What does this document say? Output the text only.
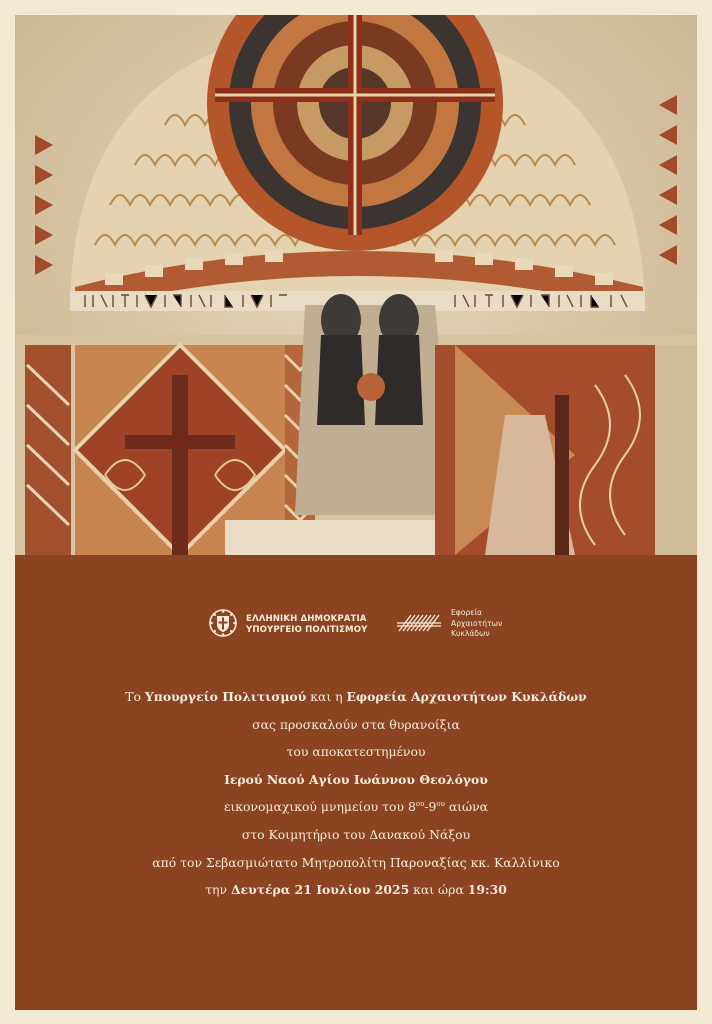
ΕΛΛΗΝΙΚΗ ΔΗΜΟΚΡΑΤΙΑ
ΥΠΟΥΡΓΕΙΟ ΠΟΛΙΤΙΣΜΟΥ
Εφορεία
Αρχαιοτήτων
Κυκλάδων
Το Υπουργείο Πολιτισμού και η Εφορεία Αρχαιοτήτων Κυκλάδων
σας προσκαλούν στα θυρανοίξια
του αποκατεστημένου
Ιερού Ναού Αγίου Ιωάννου Θεολόγου
εικονομαχικού μνημείου του $8^{o\upsilon}-9^{o\upsilon}$ αιώνα
στο Κοιμητήριο του Δανακού Νάξου
από τον Σεβασμιώτατο Μητροπολίτη Παροναξίας κκ. Καλλίνικο
την Δευτέρα 21 Ιουλίου 2025 και ώρα 19:30
